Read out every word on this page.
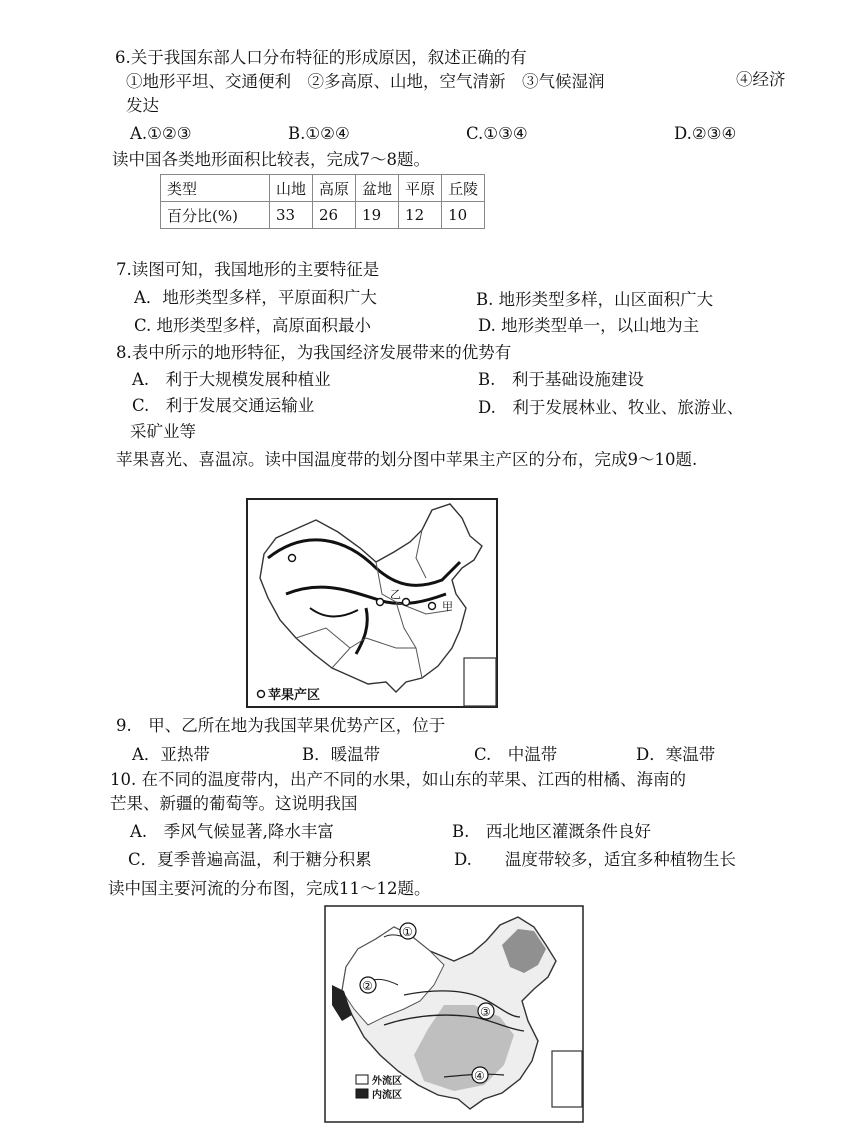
6.关于我国东部人口分布特征的形成原因，叙述正确的有
①地形平坦、交通便利　②多高原、山地，空气清新　③气候湿润	④经济
发达
A.①②③	B.①②④	C.①③④	D.②③④
读中国各类地形面积比较表，完成7～8题。
类型	山地	高原	盆地	平原	丘陵
百分比(%)	33	26	19	12	10
7.读图可知，我国地形的主要特征是
A．地形类型多样，平原面积广大	B. 地形类型多样，山区面积广大
C. 地形类型多样，高原面积最小	D. 地形类型单一，以山地为主
8.表中所示的地形特征，为我国经济发展带来的优势有
A.　利于大规模发展种植业	B.　利于基础设施建设
C.　利于发展交通运输业	D.　利于发展林业、牧业、旅游业、
采矿业等
苹果喜光、喜温凉。读中国温度带的划分图中苹果主产区的分布，完成9～10题.
甲
乙
苹果产区
9.　甲、乙所在地为我国苹果优势产区，位于
A．亚热带	B．暖温带	C.　中温带	D．寒温带
10. 在不同的温度带内，出产不同的水果，如山东的苹果、江西的柑橘、海南的
芒果、新疆的葡萄等。这说明我国
A.　季风气候显著,降水丰富	B.　西北地区灌溉条件良好
C．夏季普遍高温，利于糖分积累	D.　　温度带较多，适宜多种植物生长
读中国主要河流的分布图，完成11～12题。
①
②
③
④
外流区
内流区
